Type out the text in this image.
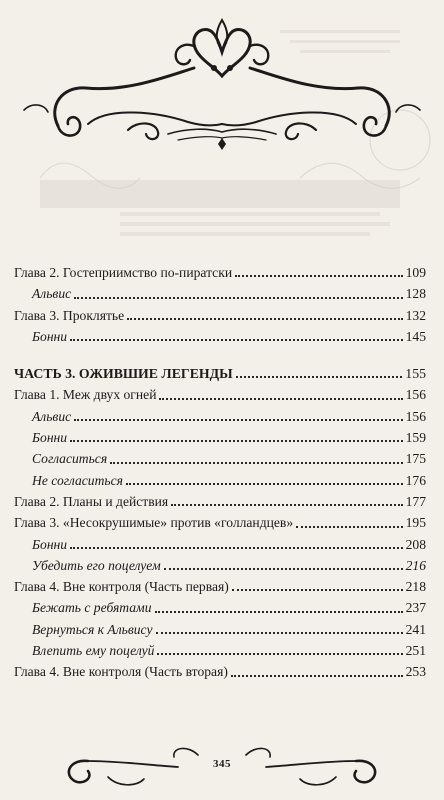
Глава 2. Гостеприимство по-пиратски	109
Альвис	128
Глава 3. Проклятье	132
Бонни	145
ЧАСТЬ 3. ОЖИВШИЕ ЛЕГЕНДЫ	155
Глава 1. Меж двух огней	156
Альвис	156
Бонни	159
Согласиться	175
Не согласиться	176
Глава 2. Планы и действия	177
Глава 3. «Несокрушимые» против «голландцев»	195
Бонни	208
Убедить его поцелуем	216
Глава 4. Вне контроля (Часть первая)	218
Бежать с ребятами	237
Вернуться к Альвису	241
Влепить ему поцелуй	251
Глава 4. Вне контроля (Часть вторая)	253
345
